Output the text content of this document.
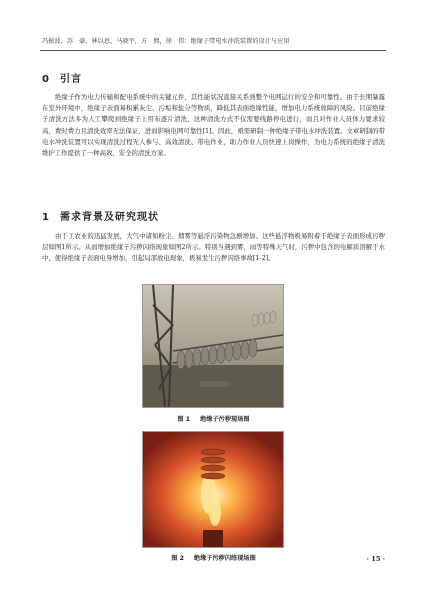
冯振波，苏　豪，林以思，马晓宇，方　熙，徐　伟：绝缘子带电水冲洗装置的设计与应用
0 引言

绝缘子作为电力传输和配电系统中的关键元件，其性能状况直接关系到整个电网运行的安全和可靠性。由于长期暴露在室外环境中，绝缘子表面易积累灰尘、污垢和盐分等物质，降低其表面绝缘性能，增加电力系统故障的风险。目前绝缘子清洗方法多为人工攀爬到绝缘子上用布逐片清洗，这种清洗方式不仅需要线路停电进行，而且对作业人员体力要求较高，费时费力且清洗效率无法保证，进而影响电网可靠性[1]。因此，亟需研制一种绝缘子带电水冲洗装置。文章研制的带电水冲洗装置可以实现清洗过程无人参与、高效清洗、带电作业，助力作业人员快速上岗操作，为电力系统的绝缘子清洗维护工作提供了一种高效、安全的清洗方案。

1 需求背景及研究现状

由于工农业的迅猛发展，大气中诸如粉尘、烟雾等悬浮污染物急剧增加。这些悬浮物极易附着于绝缘子表面形成污秽层如图1所示。从而增加绝缘子污秽闪络现象如图2所示。特别当遇到雾、雨等特殊天气时，污秽中包含的电解质溶解于水中，使得绝缘子表面电导增加，引起局部放电现象，极易发生污秽闪络事故[1-2]。

图 1 绝缘子污秽现场图
图 2 绝缘子污秽闪络现场图	· 15 ·
